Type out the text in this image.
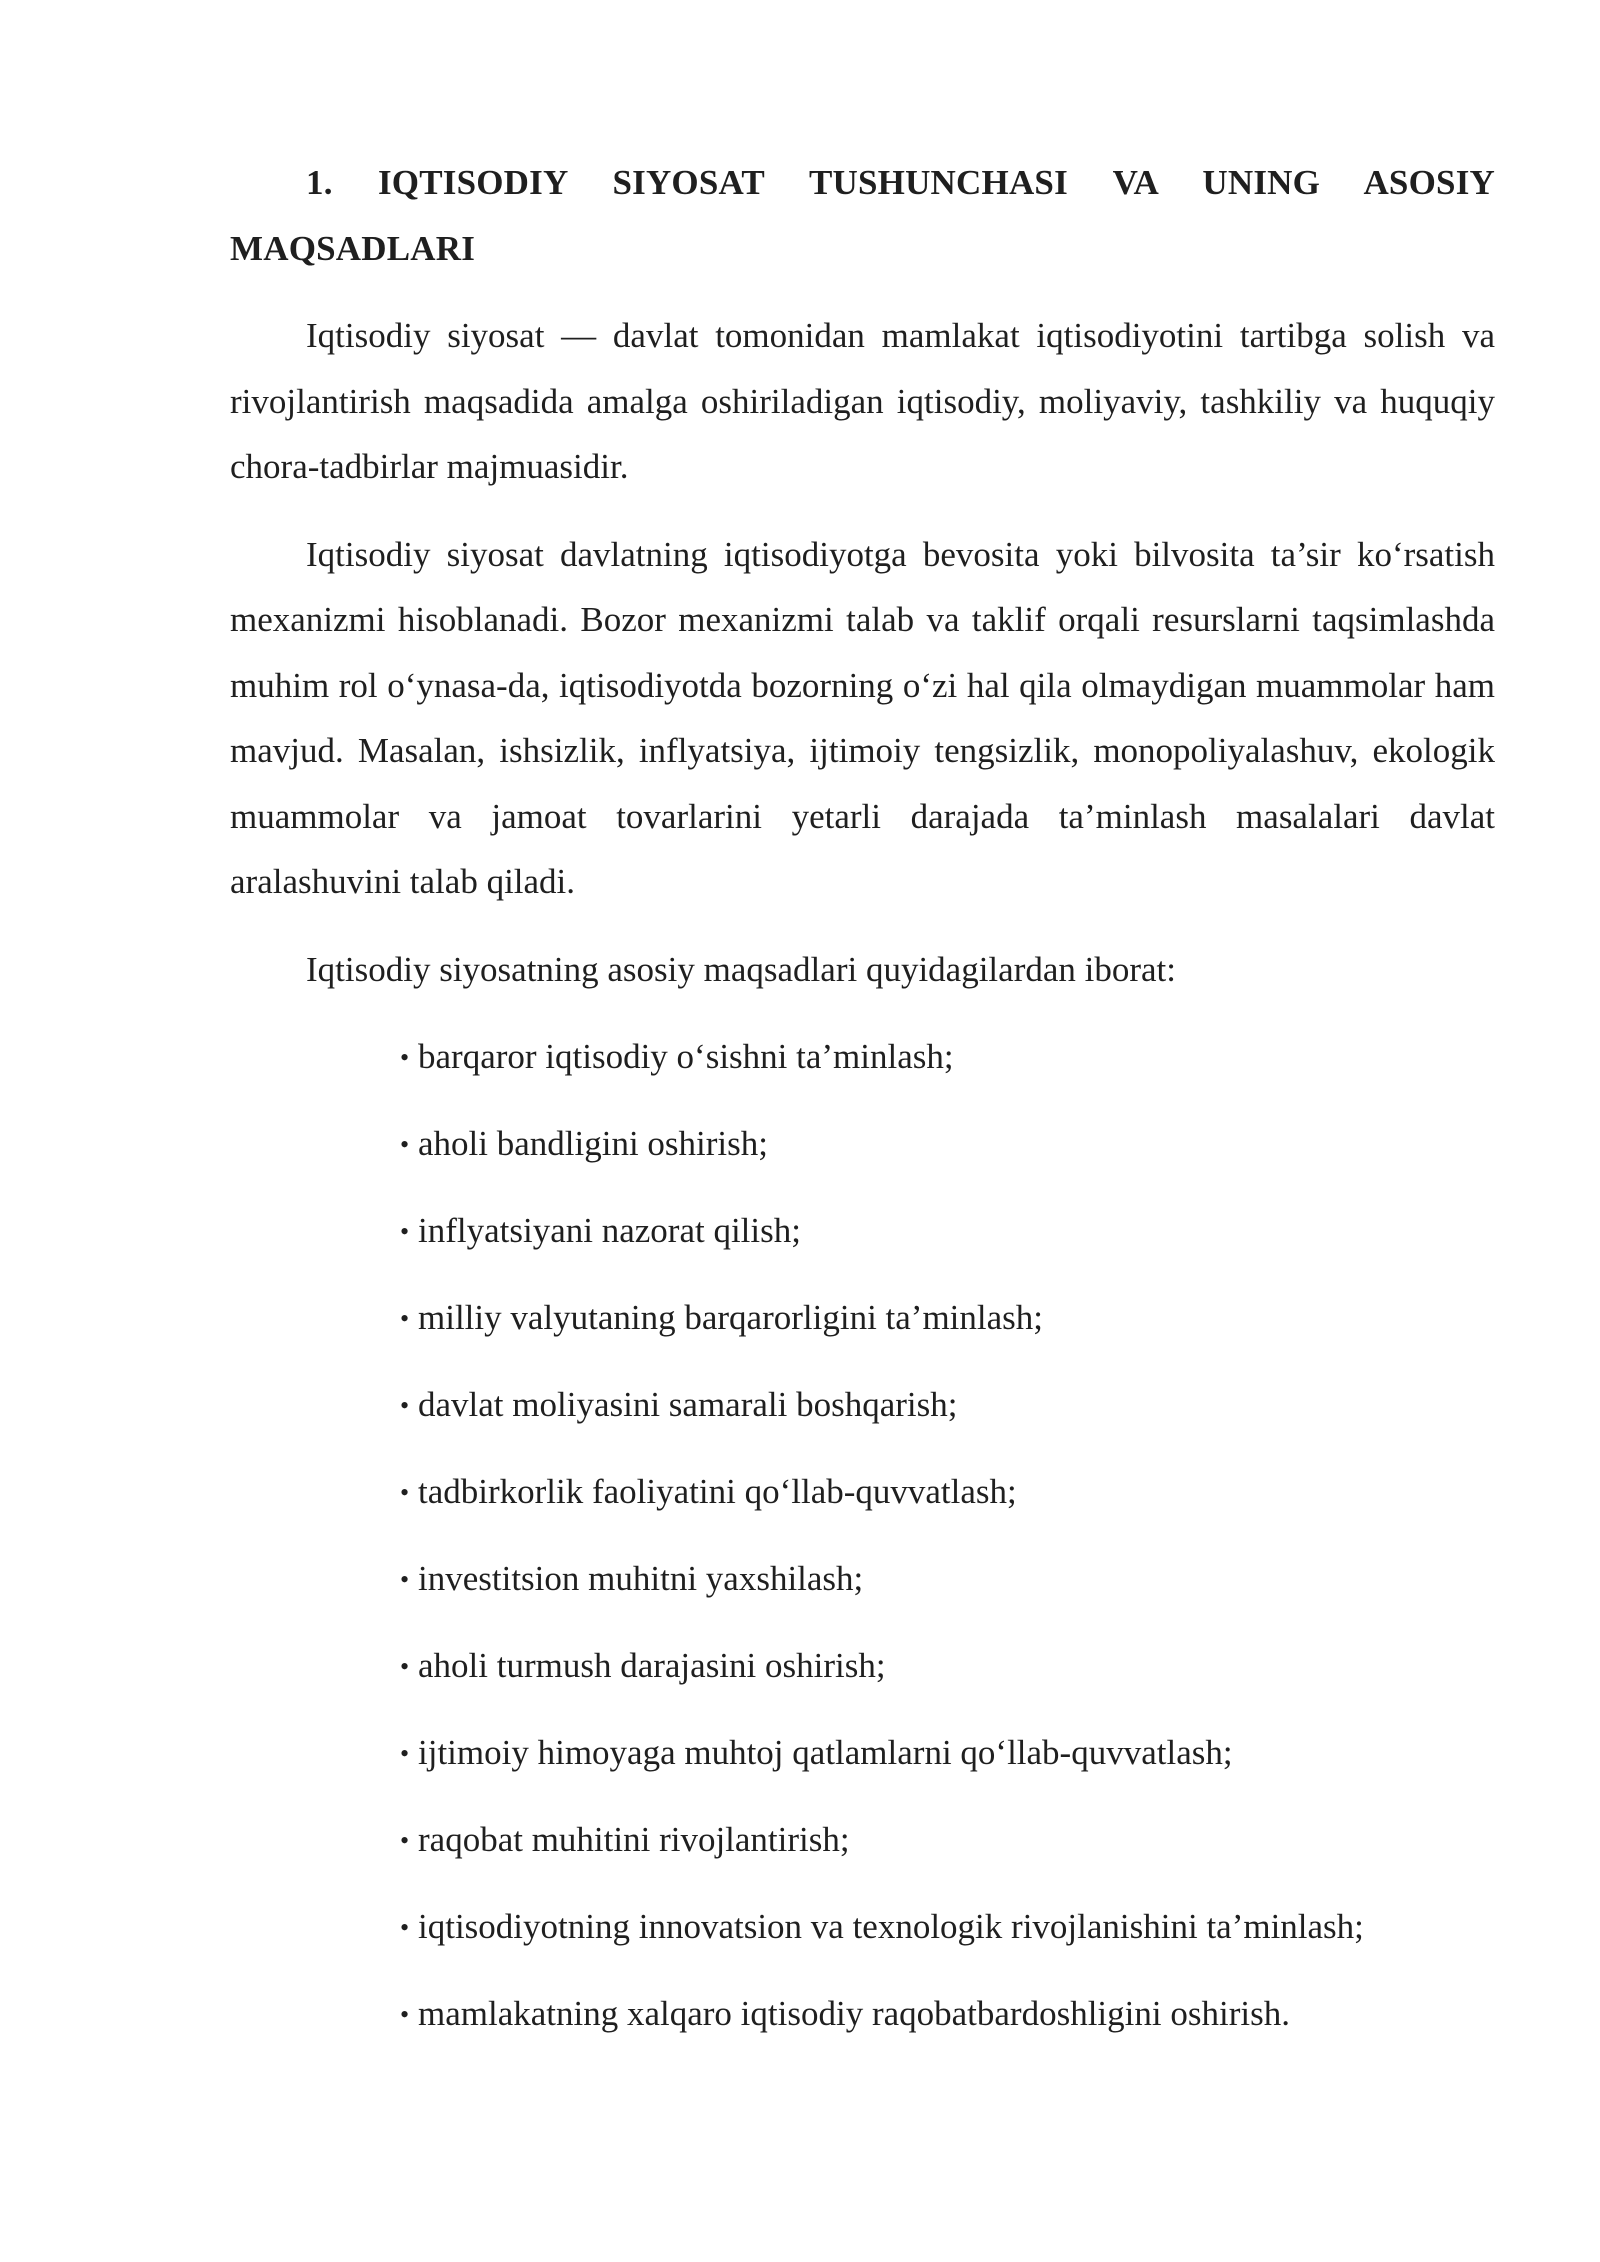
1. IQTISODIY SIYOSAT TUSHUNCHASI VA UNING ASOSIY MAQSADLARI

Iqtisodiy siyosat — davlat tomonidan mamlakat iqtisodiyotini tartibga solish va rivojlantirish maqsadida amalga oshiriladigan iqtisodiy, moliyaviy, tashkiliy va huquqiy chora-tadbirlar majmuasidir.

Iqtisodiy siyosat davlatning iqtisodiyotga bevosita yoki bilvosita ta’sir ko‘rsatish mexanizmi hisoblanadi. Bozor mexanizmi talab va taklif orqali resurslarni taqsimlashda muhim rol o‘ynasa-da, iqtisodiyotda bozorning o‘zi hal qila olmaydigan muammolar ham mavjud. Masalan, ishsizlik, inflyatsiya, ijtimoiy tengsizlik, monopoliyalashuv, ekologik muammolar va jamoat tovarlarini yetarli darajada ta’minlash masalalari davlat aralashuvini talab qiladi.

Iqtisodiy siyosatning asosiy maqsadlari quyidagilardan iborat:

• barqaror iqtisodiy o‘sishni ta’minlash;
• aholi bandligini oshirish;
• inflyatsiyani nazorat qilish;
• milliy valyutaning barqarorligini ta’minlash;
• davlat moliyasini samarali boshqarish;
• tadbirkorlik faoliyatini qo‘llab-quvvatlash;
• investitsion muhitni yaxshilash;
• aholi turmush darajasini oshirish;
• ijtimoiy himoyaga muhtoj qatlamlarni qo‘llab-quvvatlash;
• raqobat muhitini rivojlantirish;
• iqtisodiyotning innovatsion va texnologik rivojlanishini ta’minlash;
• mamlakatning xalqaro iqtisodiy raqobatbardoshligini oshirish.
